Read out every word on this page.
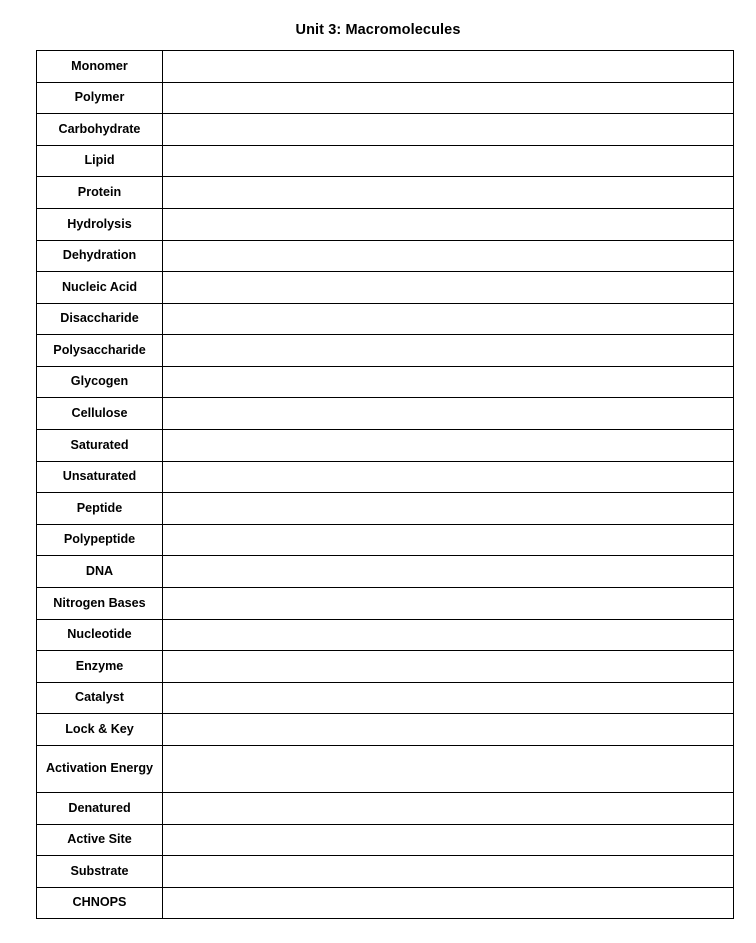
Unit 3: Macromolecules
Monomer	
Polymer	
Carbohydrate	
Lipid	
Protein	
Hydrolysis	
Dehydration	
Nucleic Acid	
Disaccharide	
Polysaccharide	
Glycogen	
Cellulose	
Saturated	
Unsaturated	
Peptide	
Polypeptide	
DNA	
Nitrogen Bases	
Nucleotide	
Enzyme	
Catalyst	
Lock & Key	
Activation Energy	
Denatured	
Active Site	
Substrate	
CHNOPS	
